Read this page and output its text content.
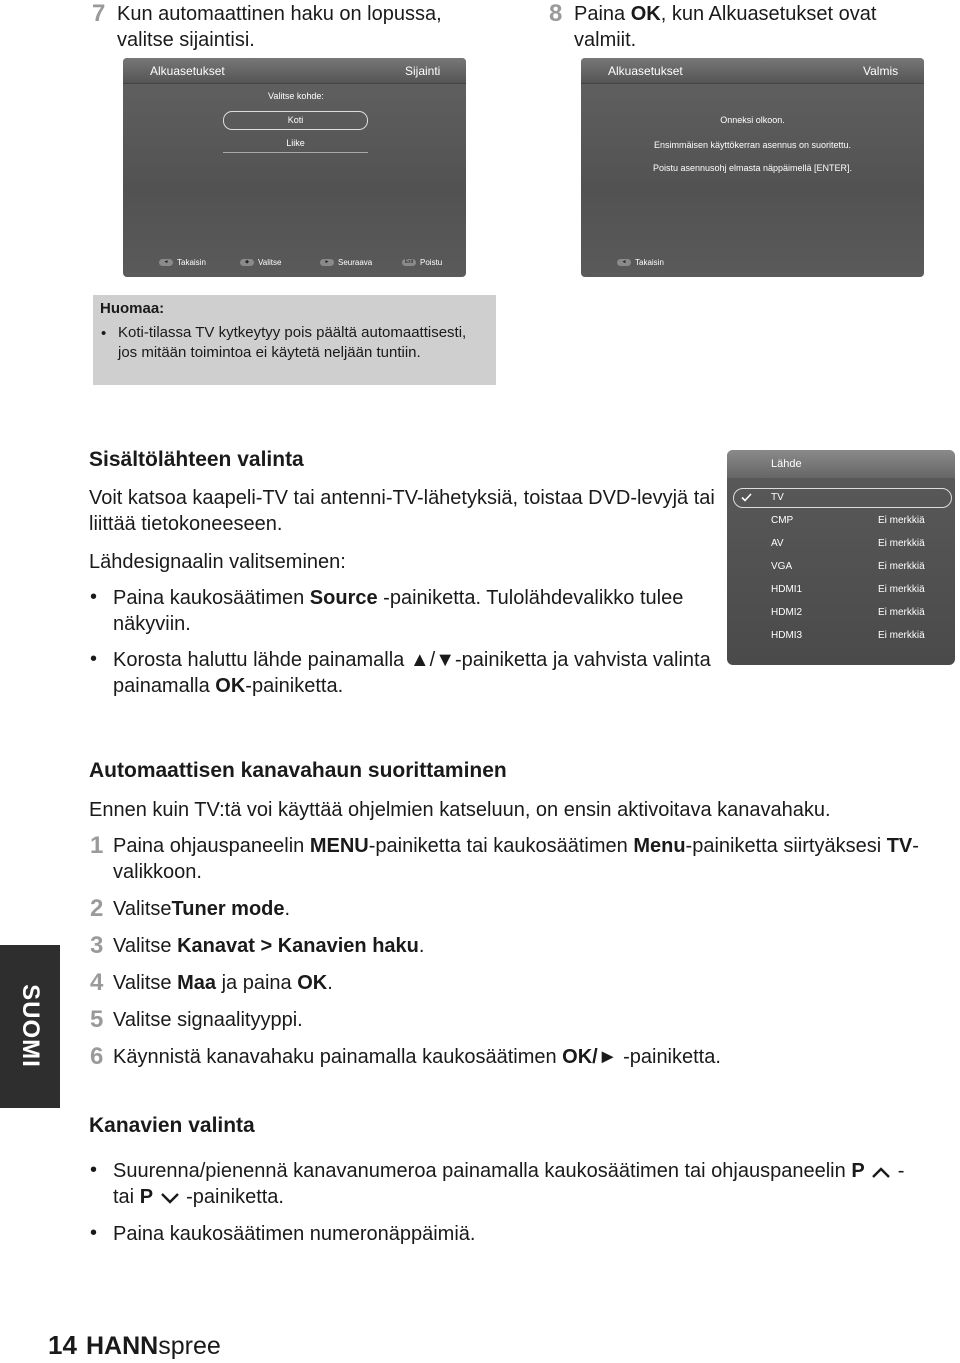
7 Kun automaattinen haku on lopussa, valitse sijaintisi.
8 Paina OK, kun Alkuasetukset ovat valmiit.
Alkuasetukset	Sijainti
Valitse kohde:
Koti
Liike
◄ Takaisin	◆ Valitse	► Seuraava	Exit Poistu
Alkuasetukset	Valmis
Onneksi olkoon.
Ensimmäisen käyttökerran asennus on suoritettu.
Poistu asennusohj elmasta näppäimellä [ENTER].
◄ Takaisin
Huomaa:
• Koti-tilassa TV kytkeytyy pois päältä automaattisesti, jos mitään toimintoa ei käytetä neljään tuntiin.
Sisältölähteen valinta
Voit katsoa kaapeli-TV tai antenni-TV-lähetyksiä, toistaa DVD-levyjä tai liittää tietokoneeseen.
Lähdesignaalin valitseminen:
• Paina kaukosäätimen Source -painiketta. Tulolähdevalikko tulee näkyviin.
• Korosta haluttu lähde painamalla ▲/▼-painiketta ja vahvista valinta painamalla OK-painiketta.
Lähde
TV
CMP	Ei merkkiä
AV	Ei merkkiä
VGA	Ei merkkiä
HDMI1	Ei merkkiä
HDMI2	Ei merkkiä
HDMI3	Ei merkkiä
Automaattisen kanavahaun suorittaminen
Ennen kuin TV:tä voi käyttää ohjelmien katseluun, on ensin aktivoitava kanavahaku.
1 Paina ohjauspaneelin MENU-painiketta tai kaukosäätimen Menu-painiketta siirtyäksesi TV-valikkoon.
2 ValitseTuner mode.
3 Valitse Kanavat > Kanavien haku.
4 Valitse Maa ja paina OK.
5 Valitse signaalityyppi.
6 Käynnistä kanavahaku painamalla kaukosäätimen OK/► -painiketta.
SUOMI
Kanavien valinta
• Suurenna/pienennä kanavanumeroa painamalla kaukosäätimen tai ohjauspaneelin P  -
tai P  -painiketta.
• Paina kaukosäätimen numeronäppäimiä.
14 HANNspree
